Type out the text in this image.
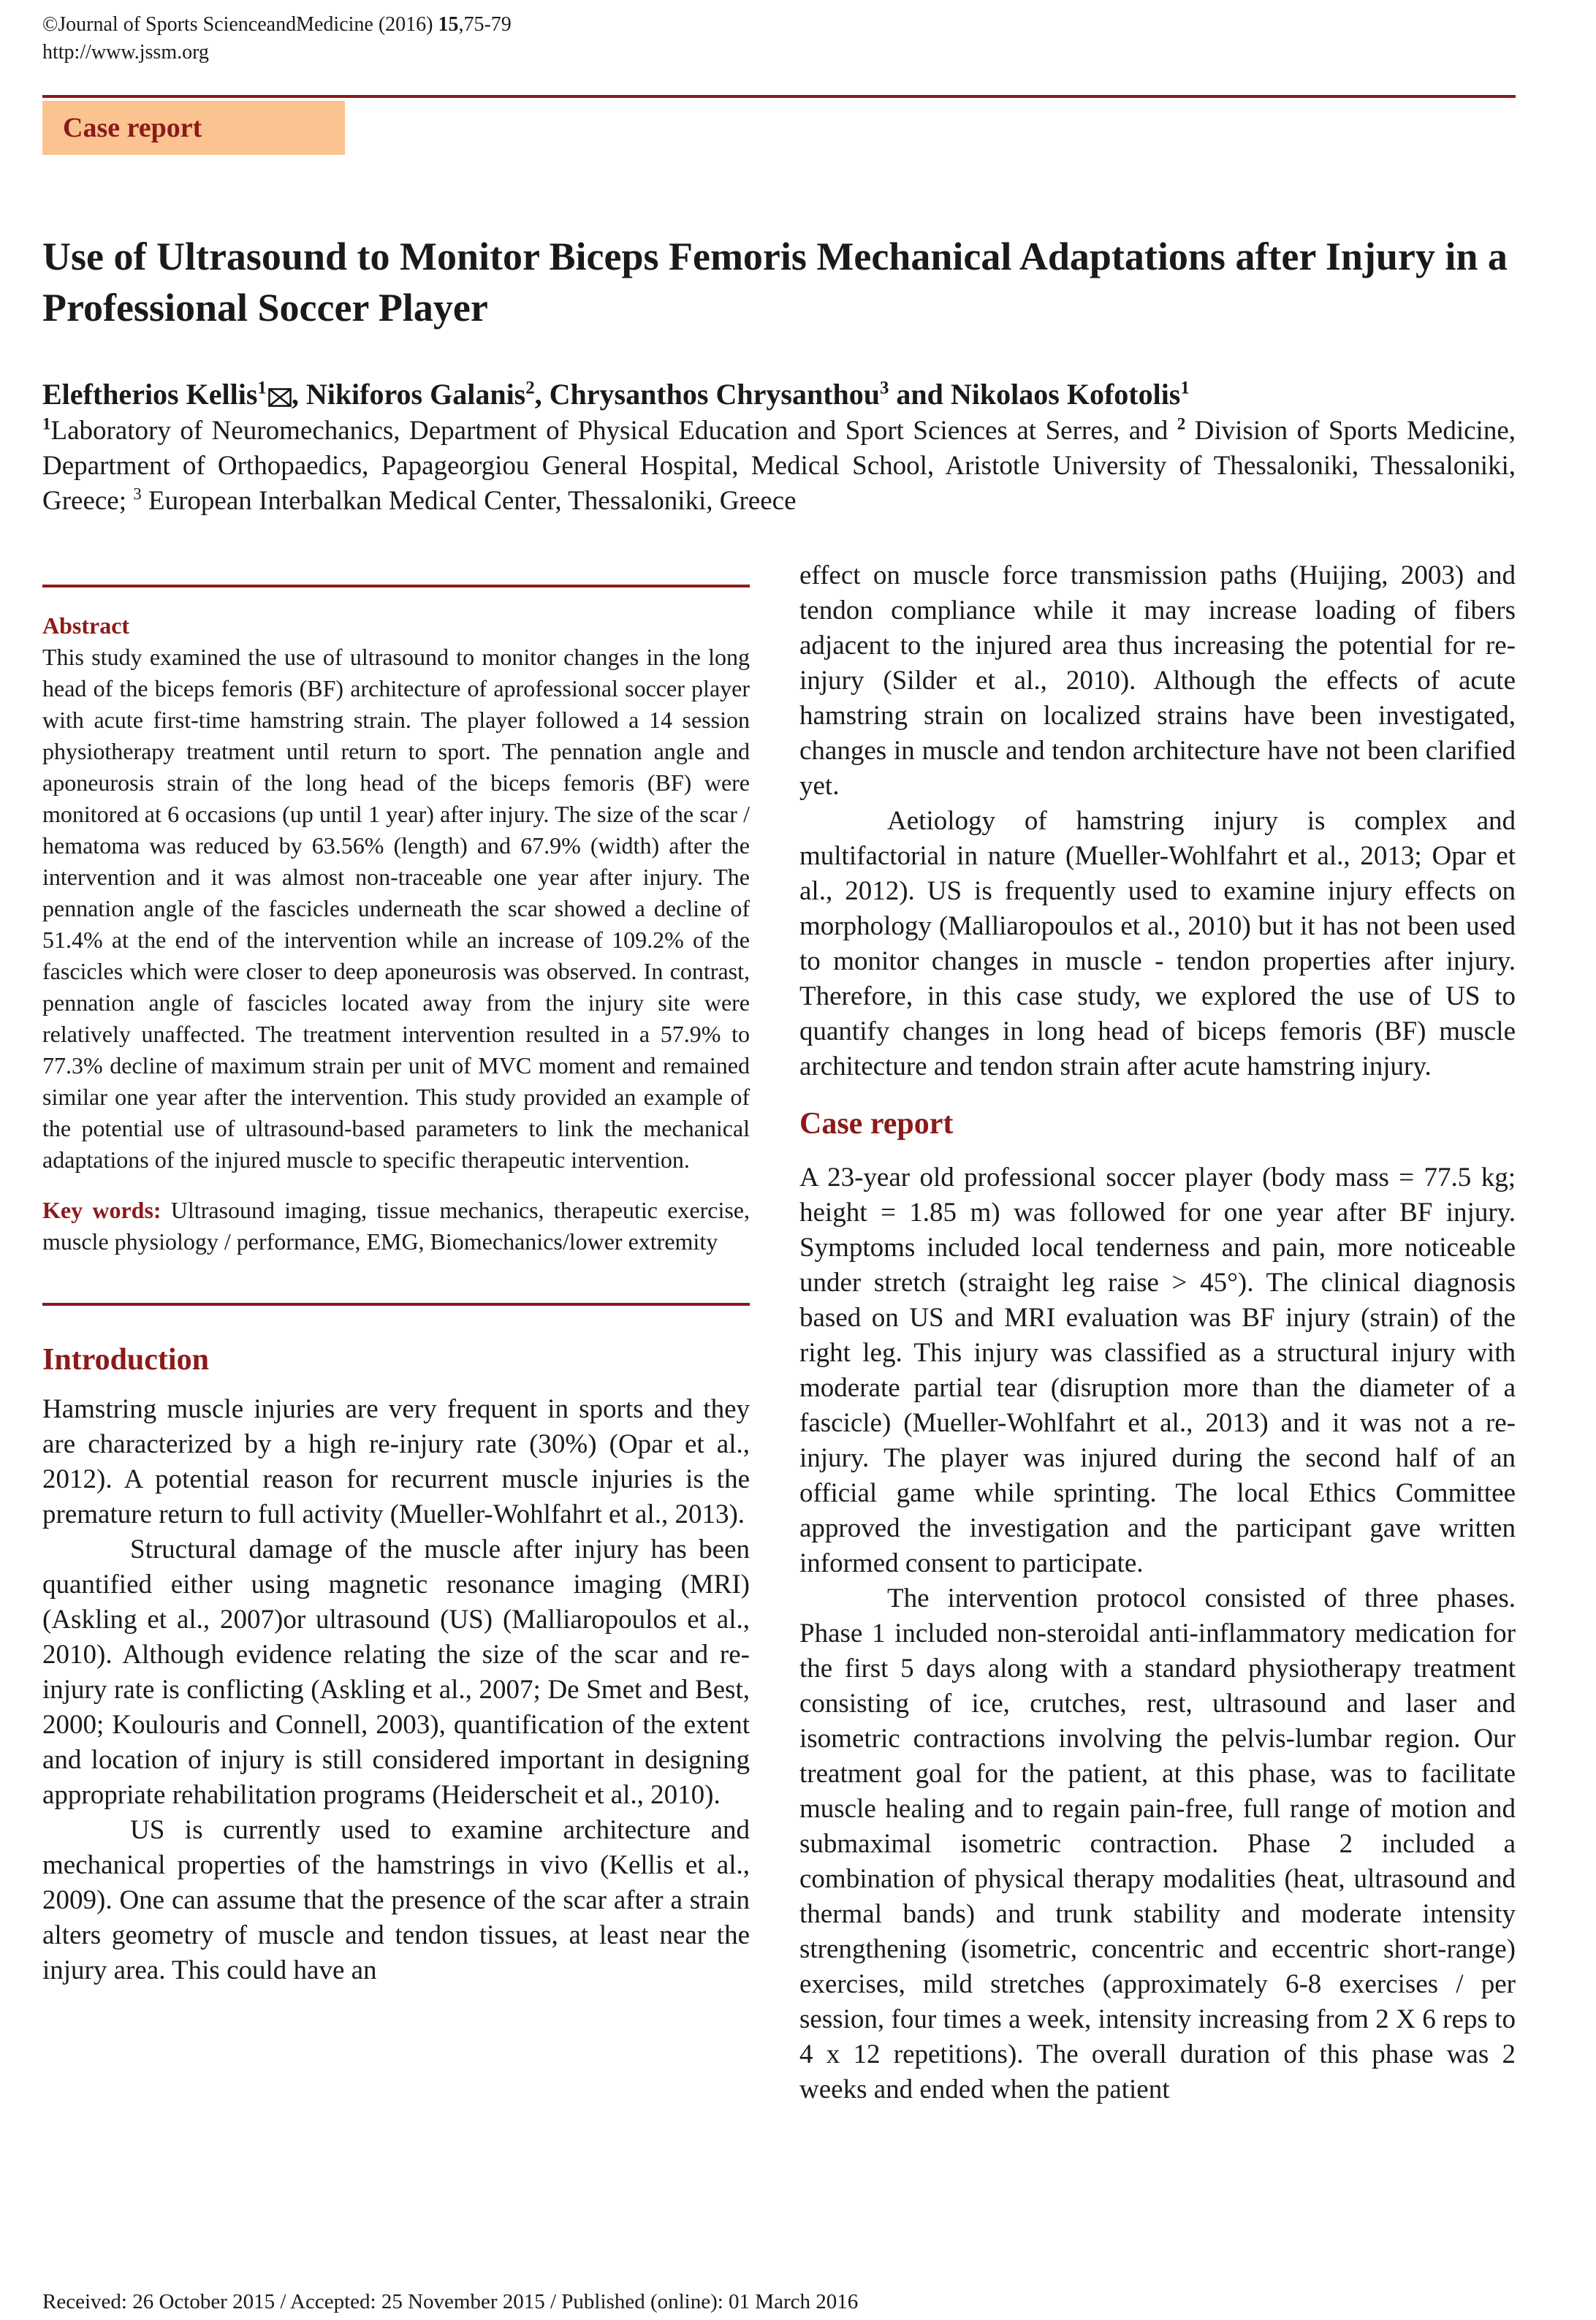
©Journal of Sports ScienceandMedicine (2016) 15,75-79
http://www.jssm.org
Case report
Use of Ultrasound to Monitor Biceps Femoris Mechanical Adaptations after Injury in a Professional Soccer Player
Eleftherios Kellis$^1$ , Nikiforos Galanis$^2$, Chrysanthos Chrysanthou$^3$ and Nikolaos Kofotolis$^1$
$^1$Laboratory of Neuromechanics, Department of Physical Education and Sport Sciences at Serres, and $^2$ Division of Sports Medicine, Department of Orthopaedics, Papageorgiou General Hospital, Medical School, Aristotle University of Thessaloniki, Thessaloniki, Greece; $^3$ European Interbalkan Medical Center, Thessaloniki, Greece
Abstract

This study examined the use of ultrasound to monitor changes in the long head of the biceps femoris (BF) architecture of aprofessional soccer player with acute first-time hamstring strain. The player followed a 14 session physiotherapy treatment until return to sport. The pennation angle and aponeurosis strain of the long head of the biceps femoris (BF) were monitored at 6 occasions (up until 1 year) after injury. The size of the scar / hematoma was reduced by 63.56% (length) and 67.9% (width) after the intervention and it was almost non-traceable one year after injury. The pennation angle of the fascicles underneath the scar showed a decline of 51.4% at the end of the intervention while an increase of 109.2% of the fascicles which were closer to deep aponeurosis was observed. In contrast, pennation angle of fascicles located away from the injury site were relatively unaffected. The treatment intervention resulted in a 57.9% to 77.3% decline of maximum strain per unit of MVC moment and remained similar one year after the intervention. This study provided an example of the potential use of ultrasound-based parameters to link the mechanical adaptations of the injured muscle to specific therapeutic intervention.

Key words: Ultrasound imaging, tissue mechanics, therapeutic exercise, muscle physiology / performance, EMG, Biomechanics/lower extremity

Introduction

Hamstring muscle injuries are very frequent in sports and they are characterized by a high re-injury rate (30%) (Opar et al., 2012). A potential reason for recurrent muscle injuries is the premature return to full activity (Mueller-Wohlfahrt et al., 2013).

Structural damage of the muscle after injury has been quantified either using magnetic resonance imaging (MRI) (Askling et al., 2007)or ultrasound (US) (Malliaropoulos et al., 2010). Although evidence relating the size of the scar and re-injury rate is conflicting (Askling et al., 2007; De Smet and Best, 2000; Koulouris and Connell, 2003), quantification of the extent and location of injury is still considered important in designing appropriate rehabilitation programs (Heiderscheit et al., 2010).

US is currently used to examine architecture and mechanical properties of the hamstrings in vivo (Kellis et al., 2009). One can assume that the presence of the scar after a strain alters geometry of muscle and tendon tissues, at least near the injury area. This could have an

effect on muscle force transmission paths (Huijing, 2003) and tendon compliance while it may increase loading of fibers adjacent to the injured area thus increasing the potential for re-injury (Silder et al., 2010). Although the effects of acute hamstring strain on localized strains have been investigated, changes in muscle and tendon architecture have not been clarified yet.

Aetiology of hamstring injury is complex and multifactorial in nature (Mueller-Wohlfahrt et al., 2013; Opar et al., 2012). US is frequently used to examine injury effects on morphology (Malliaropoulos et al., 2010) but it has not been used to monitor changes in muscle - tendon properties after injury. Therefore, in this case study, we explored the use of US to quantify changes in long head of biceps femoris (BF) muscle architecture and tendon strain after acute hamstring injury.

Case report

A 23-year old professional soccer player (body mass = 77.5 kg; height = 1.85 m) was followed for one year after BF injury. Symptoms included local tenderness and pain, more noticeable under stretch (straight leg raise > 45°). The clinical diagnosis based on US and MRI evaluation was BF injury (strain) of the right leg. This injury was classified as a structural injury with moderate partial tear (disruption more than the diameter of a fascicle) (Mueller-Wohlfahrt et al., 2013) and it was not a re-injury. The player was injured during the second half of an official game while sprinting. The local Ethics Committee approved the investigation and the participant gave written informed consent to participate.

The intervention protocol consisted of three phases. Phase 1 included non-steroidal anti-inflammatory medication for the first 5 days along with a standard physiotherapy treatment consisting of ice, crutches, rest, ultrasound and laser and isometric contractions involving the pelvis-lumbar region. Our treatment goal for the patient, at this phase, was to facilitate muscle healing and to regain pain-free, full range of motion and submaximal isometric contraction. Phase 2 included a combination of physical therapy modalities (heat, ultrasound and thermal bands) and trunk stability and moderate intensity strengthening (isometric, concentric and eccentric short-range) exercises, mild stretches (approximately 6-8 exercises / per session, four times a week, intensity increasing from 2 X 6 reps to 4 x 12 repetitions). The overall duration of this phase was 2 weeks and ended when the patient

Received: 26 October 2015 / Accepted: 25 November 2015 / Published (online): 01 March 2016
